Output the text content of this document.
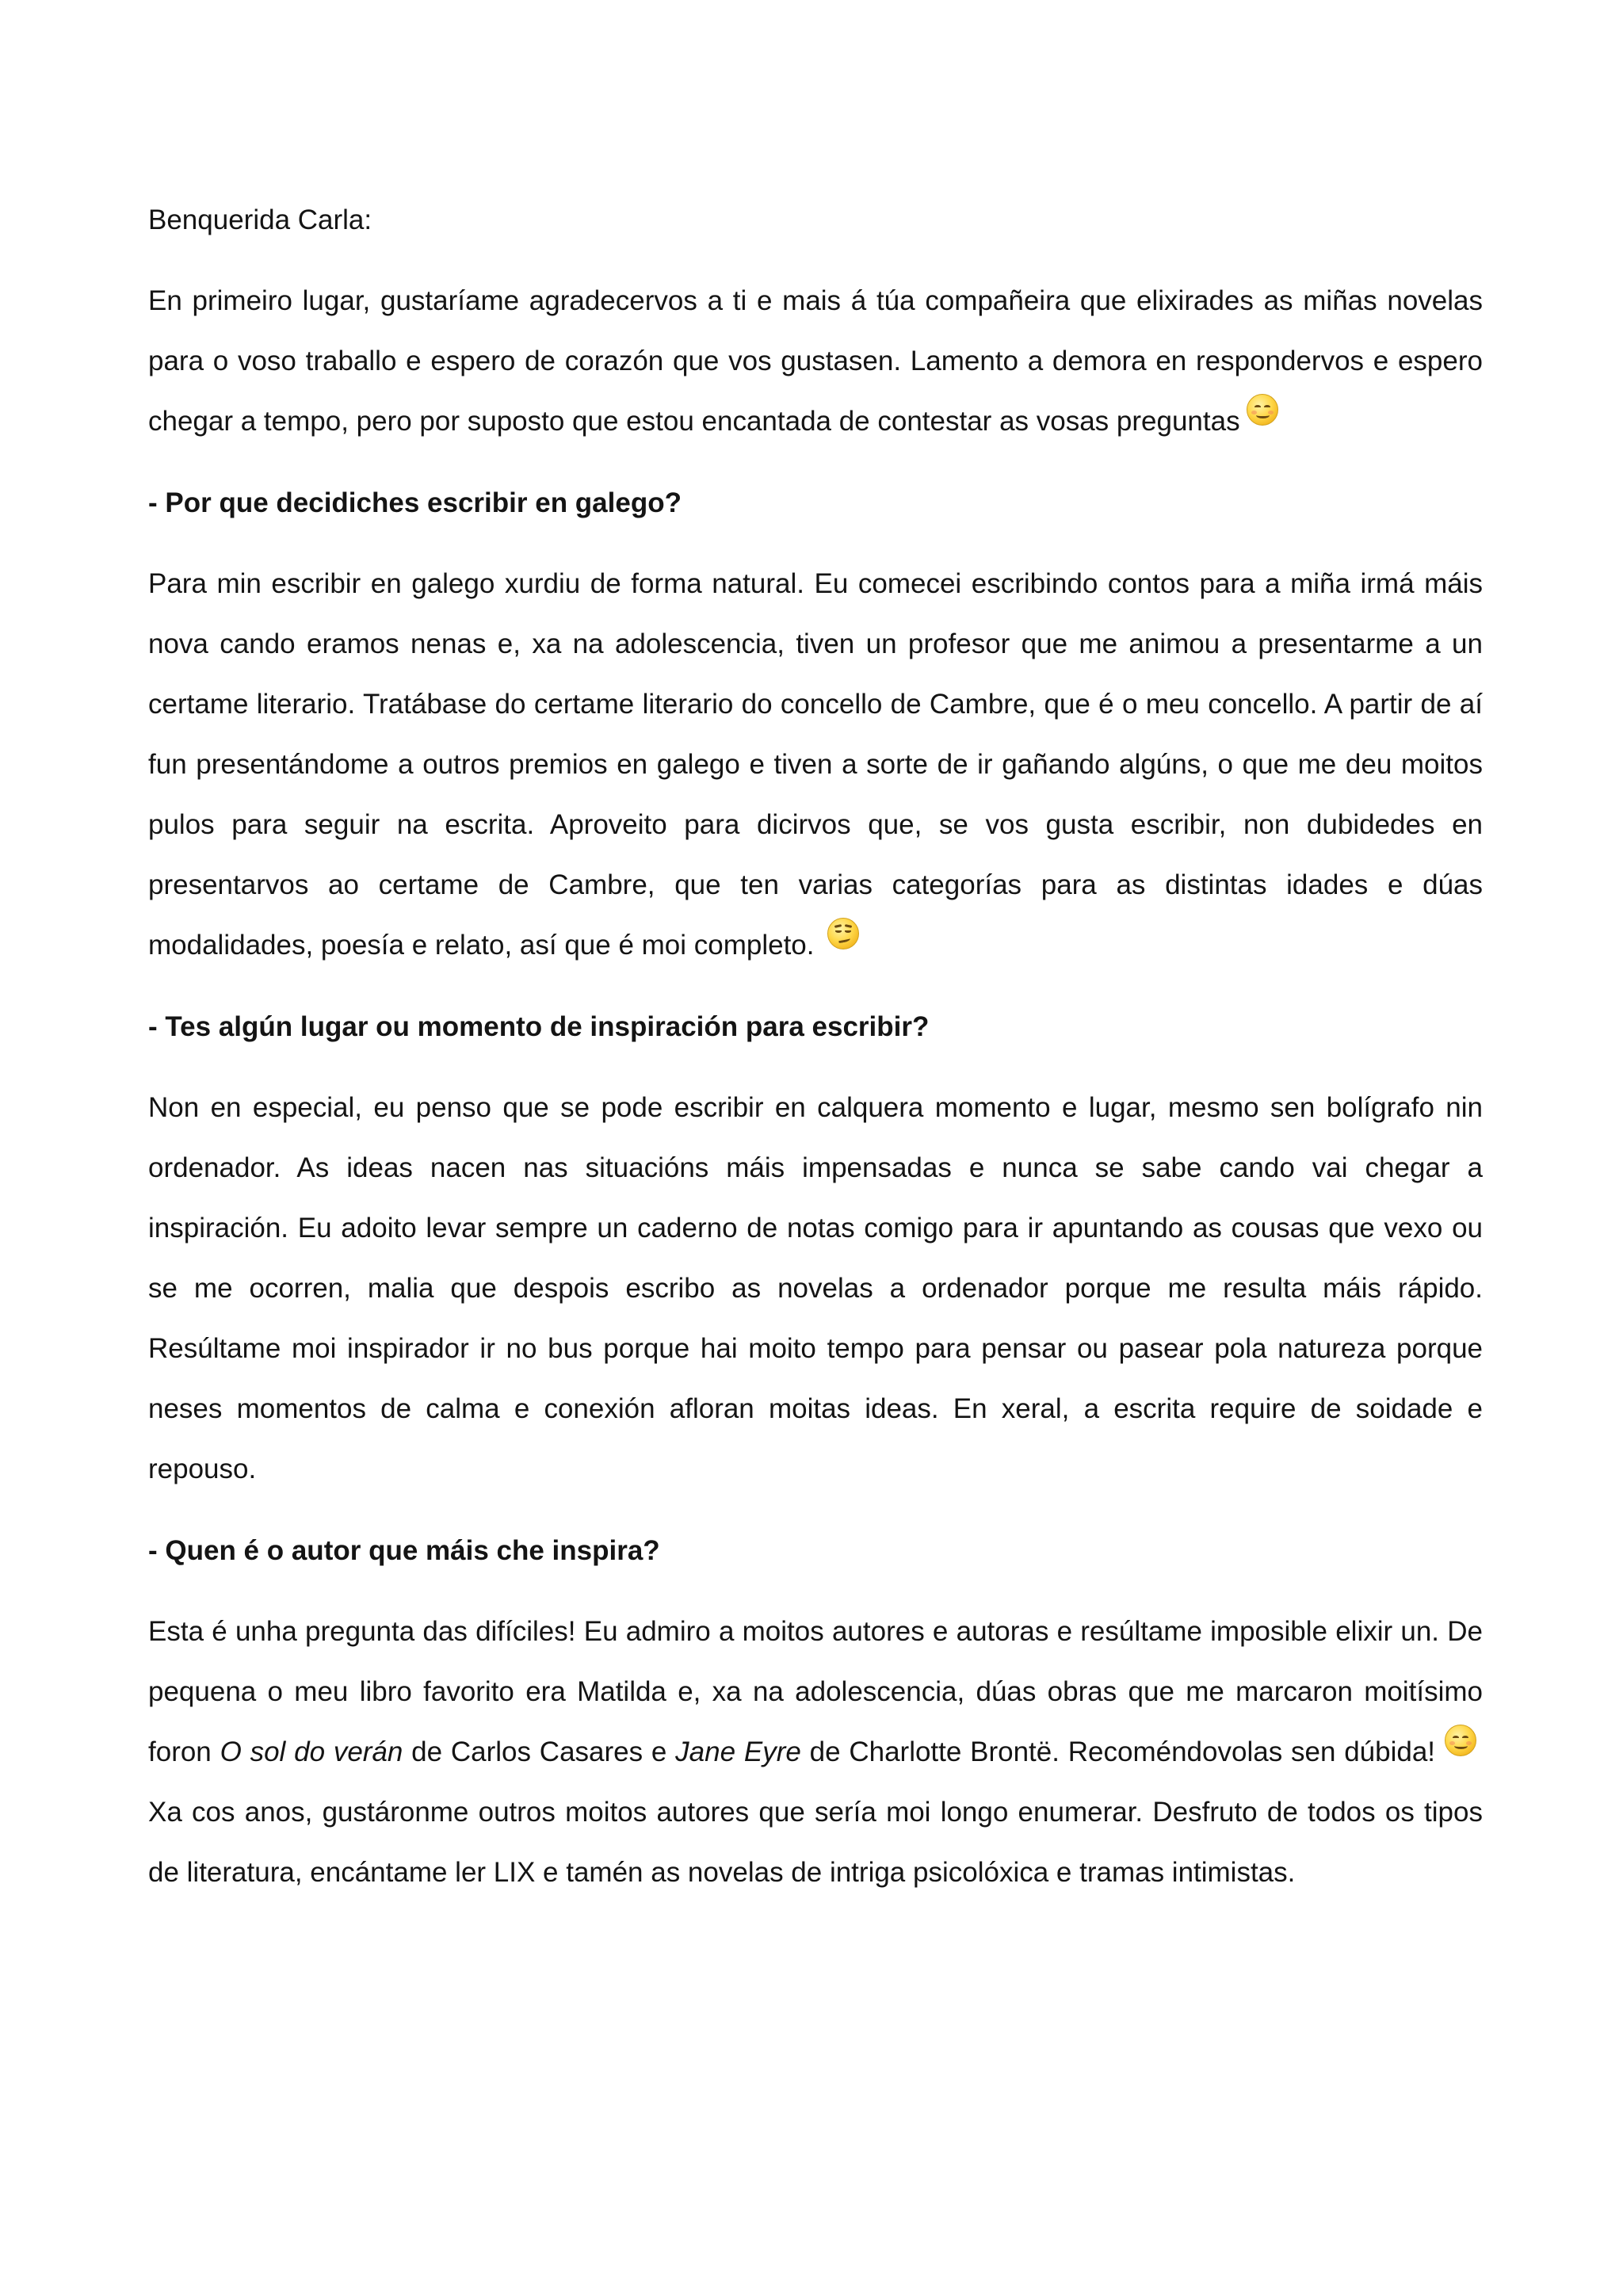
Benquerida Carla:

En primeiro lugar, gustaríame agradecervos a ti e mais á túa compañeira que elixirades as miñas novelas para o voso traballo e espero de corazón que vos gustasen. Lamento a demora en respondervos e espero chegar a tempo, pero por suposto que estou encantada de contestar as vosas preguntas

- Por que decidiches escribir en galego?

Para min escribir en galego xurdiu de forma natural. Eu comecei escribindo contos para a miña irmá máis nova cando eramos nenas e, xa na adolescencia, tiven un profesor que me animou a presentarme a un certame literario. Tratábase do certame literario do concello de Cambre, que é o meu concello. A partir de aí fun presentándome a outros premios en galego e tiven a sorte de ir gañando algúns, o que me deu moitos pulos para seguir na escrita. Aproveito para dicirvos que, se vos gusta escribir, non dubidedes en presentarvos ao certame de Cambre, que ten varias categorías para as distintas idades e dúas modalidades, poesía e relato, así que é moi completo.

- Tes algún lugar ou momento de inspiración para escribir?

Non en especial, eu penso que se pode escribir en calquera momento e lugar, mesmo sen bolígrafo nin ordenador. As ideas nacen nas situacións máis impensadas e nunca se sabe cando vai chegar a inspiración. Eu adoito levar sempre un caderno de notas comigo para ir apuntando as cousas que vexo ou se me ocorren, malia que despois escribo as novelas a ordenador porque me resulta máis rápido. Resúltame moi inspirador ir no bus porque hai moito tempo para pensar ou pasear pola natureza porque neses momentos de calma e conexión afloran moitas ideas. En xeral, a escrita require de soidade e repouso.

- Quen é o autor que máis che inspira?

Esta é unha pregunta das difíciles! Eu admiro a moitos autores e autoras e resúltame imposible elixir un. De pequena o meu libro favorito era Matilda e, xa na adolescencia, dúas obras que me marcaron moitísimo foron O sol do verán de Carlos Casares e Jane Eyre de Charlotte Brontë. Recoméndovolas sen dúbida!
Xa cos anos, gustáronme outros moitos autores que sería moi longo enumerar. Desfruto de todos os tipos de literatura, encántame ler LIX e tamén as novelas de intriga psicolóxica e tramas intimistas.
